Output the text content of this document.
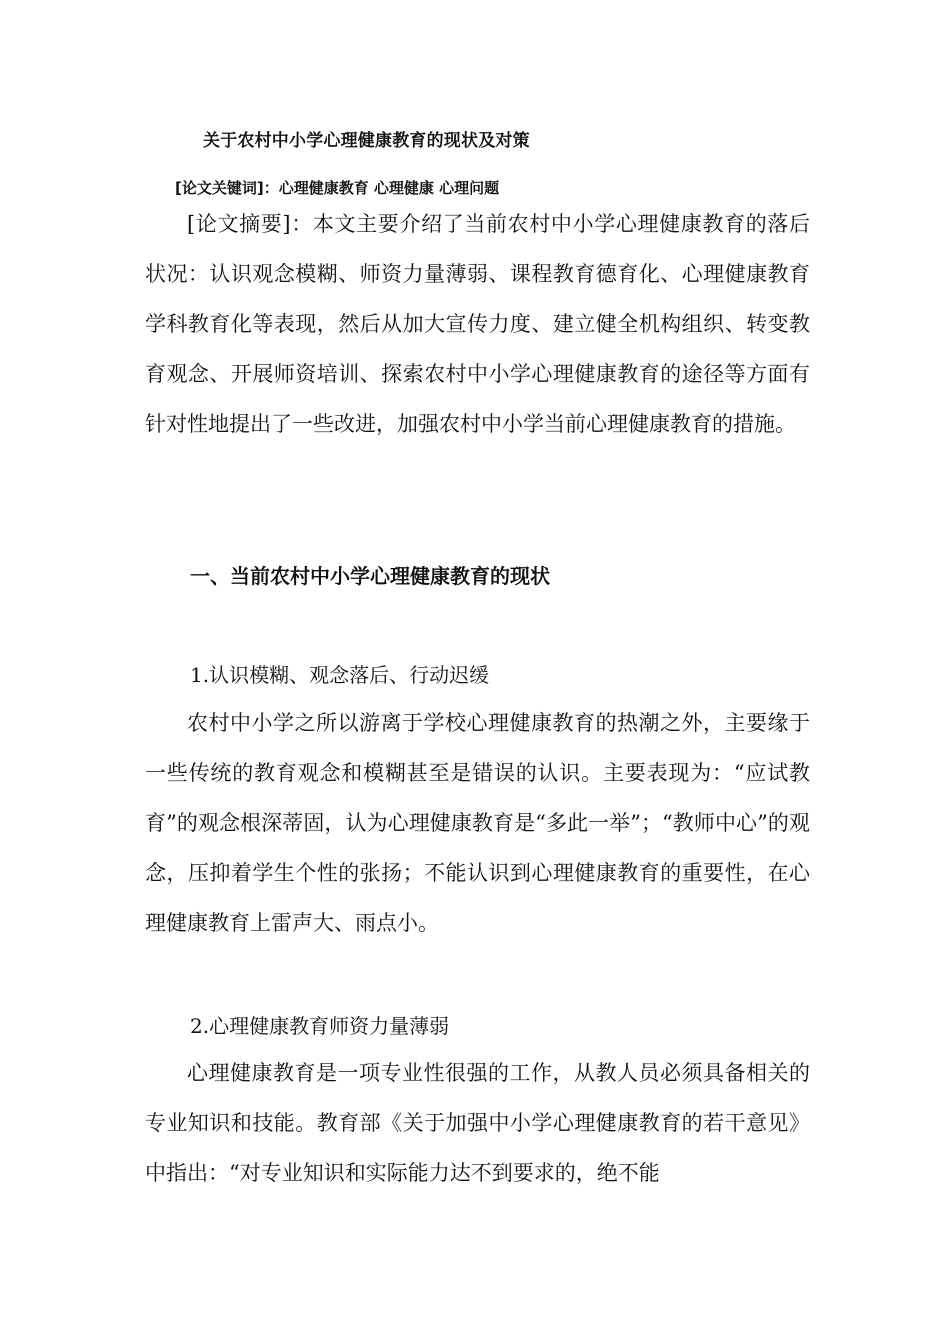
关于农村中小学心理健康教育的现状及对策
[论文关键词]：心理健康教育 心理健康 心理问题
[论文摘要]：本文主要介绍了当前农村中小学心理健康教育的落后状况：认识观念模糊、师资力量薄弱、课程教育德育化、心理健康教育学科教育化等表现，然后从加大宣传力度、建立健全机构组织、转变教育观念、开展师资培训、探索农村中小学心理健康教育的途径等方面有针对性地提出了一些改进，加强农村中小学当前心理健康教育的措施。
一、当前农村中小学心理健康教育的现状
1.认识模糊、观念落后、行动迟缓
农村中小学之所以游离于学校心理健康教育的热潮之外，主要缘于一些传统的教育观念和模糊甚至是错误的认识。主要表现为：“应试教育”的观念根深蒂固，认为心理健康教育是“多此一举”；“教师中心”的观念，压抑着学生个性的张扬；不能认识到心理健康教育的重要性，在心理健康教育上雷声大、雨点小。
2.心理健康教育师资力量薄弱
心理健康教育是一项专业性很强的工作，从教人员必须具备相关的专业知识和技能。教育部《关于加强中小学心理健康教育的若干意见》中指出：“对专业知识和实际能力达不到要求的，绝不能
